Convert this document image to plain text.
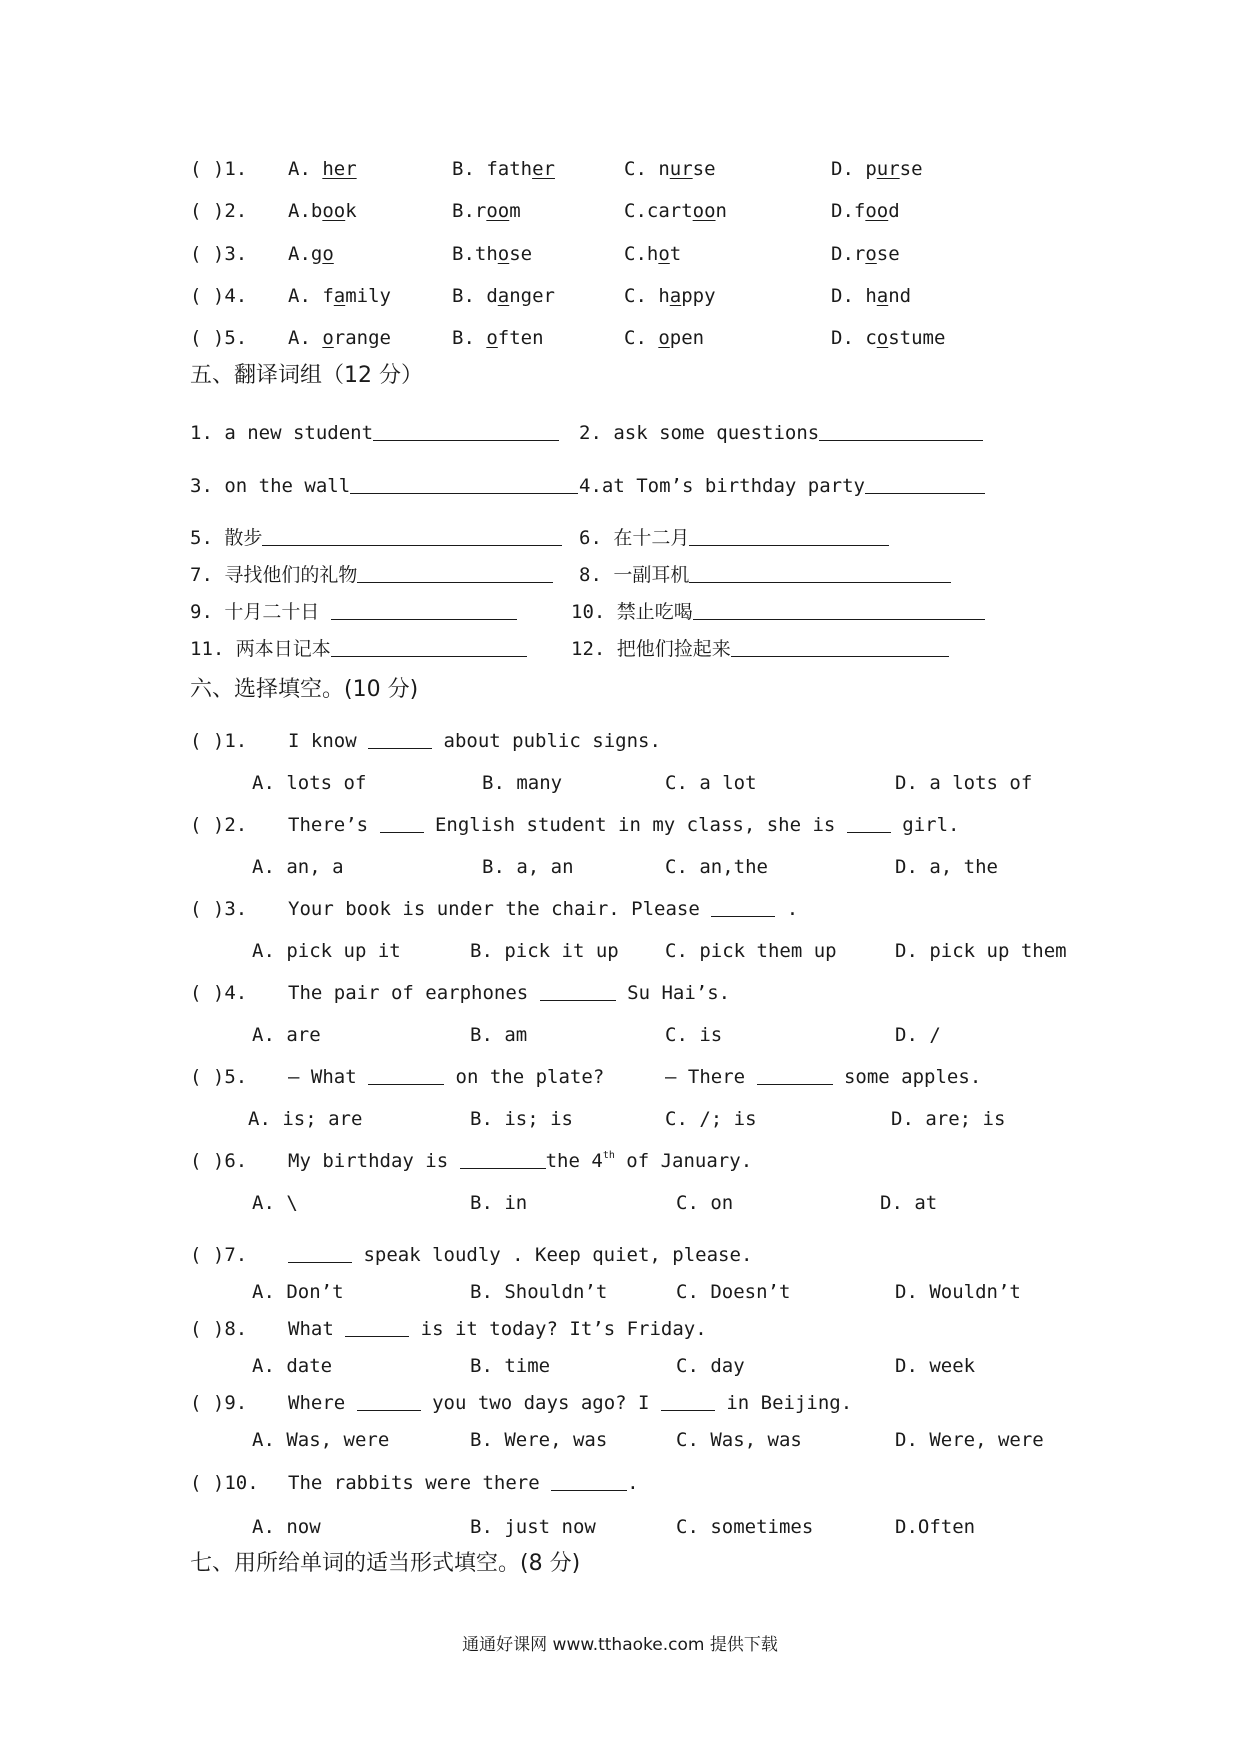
( )1. A. her	B. father	C. nurse	D. purse
( )2. A.book	B.room	C.cartoon	D.food
( )3. A.go	B.those	C.hot	D.rose
( )4. A. family	B. danger	C. happy	D. hand
( )5. A. orange	B. often	C. open	D. costume
五、翻译词组（12 分）
1. a new student	2. ask some questions
3. on the wall	4.at Tom’s birthday party
5. 散步	6. 在十二月
7. 寻找他们的礼物	8. 一副耳机
9. 十月二十日	10. 禁止吃喝
11. 两本日记本	12. 把他们捡起来
六、选择填空。(10 分)
( )1. I know	about public signs.
A. lots of	B. many	C. a lot	D. a lots of
( )2. There’s	English student in my class, she is	girl.
A. an, a	B. a, an	C. an,the	D. a, the
( )3. Your book is under the chair. Please	.
A. pick up it	B. pick it up C. pick them up	D. pick up them
( )4. The pair of earphones	Su Hai’s.
A. are	B. am	C. is	D. /
( )5. — What	on the plate?	— There	some apples.
A. is; are	B. is; is	C. /; is	D. are; is
( )6. My birthday is	the 4th of January.
A. \	B. in	C. on	D. at
( )7.	speak loudly . Keep quiet, please.
A. Don’t	B. Shouldn’t	C. Doesn’t	D. Wouldn’t
( )8. What	is it today? It’s Friday.
A. date	B. time	C. day	D. week
( )9. Where	you two days ago? I	in Beijing.
A. Was, were	B. Were, was	C. Was, was	D. Were, were
( )10. The rabbits were there	.
A. now	B. just now	C. sometimes	D.Often
七、用所给单词的适当形式填空。(8 分)
通通好课网 www.tthaoke.com 提供下载
